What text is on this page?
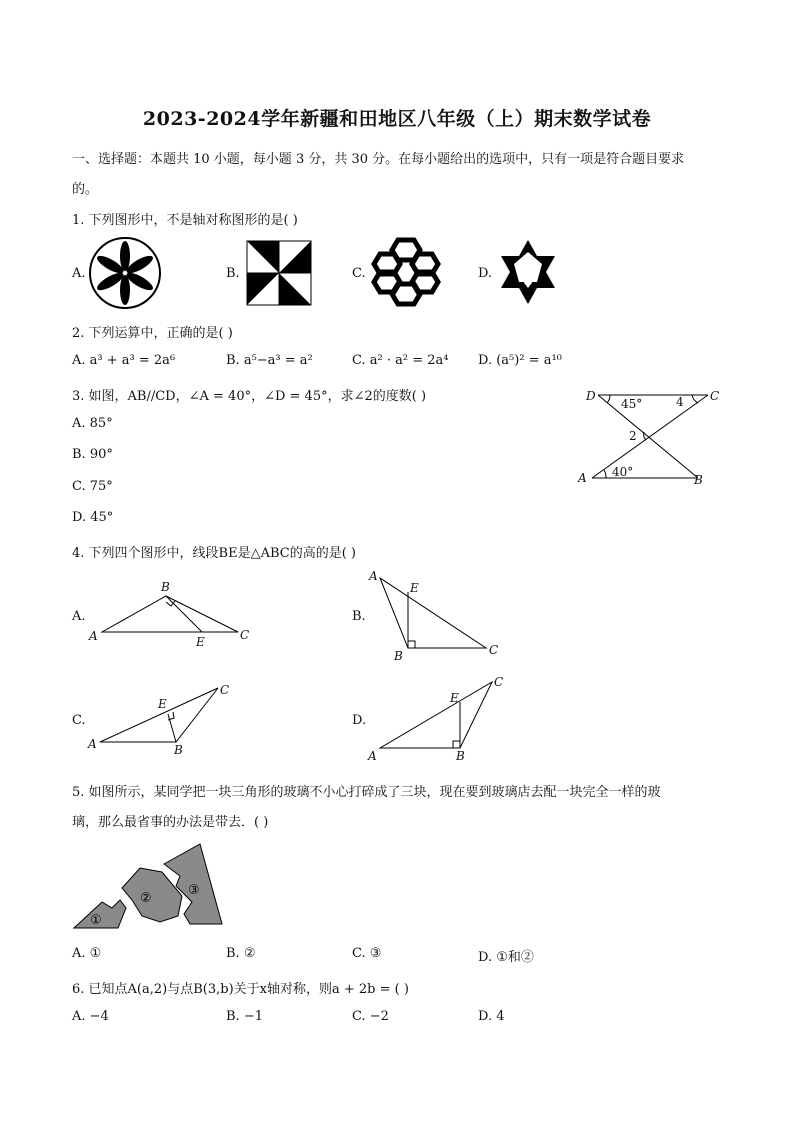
2023-2024学年新疆和田地区八年级（上）期末数学试卷
一、选择题：本题共 10 小题，每小题 3 分，共 30 分。在每小题给出的选项中，只有一项是符合题目要求
的。
1. 下列图形中，不是轴对称图形的是( )
A.	B.	C.	D.
2. 下列运算中，正确的是( )
A. a³ + a³ = 2a⁶	B. a⁵−a³ = a²	C. a² · a² = 2a⁴ D. (a⁵)² = a¹⁰
3. 如图，AB//CD，∠A = 40°，∠D = 45°，求∠2的度数( )
A. 85°
B. 90°
C. 75°
D. 45°
D	C
A	B
45°	4
2
40°
4. 下列四个图形中，线段BE是△ABC的高的是( )
A.	B.
C.	D.
A
B
C
E
A
E
B	C
A
E
B
C
A
E
B
C
5. 如图所示，某同学把一块三角形的玻璃不小心打碎成了三块，现在要到玻璃店去配一块完全一样的玻
璃，那么最省事的办法是带去．( )
①
②
③
A. ①	B. ②	C. ③	D. ①和②
6. 已知点A(a,2)与点B(3,b)关于x轴对称，则a + 2b = ( )
A. −4	B. −1	C. −2	D. 4
